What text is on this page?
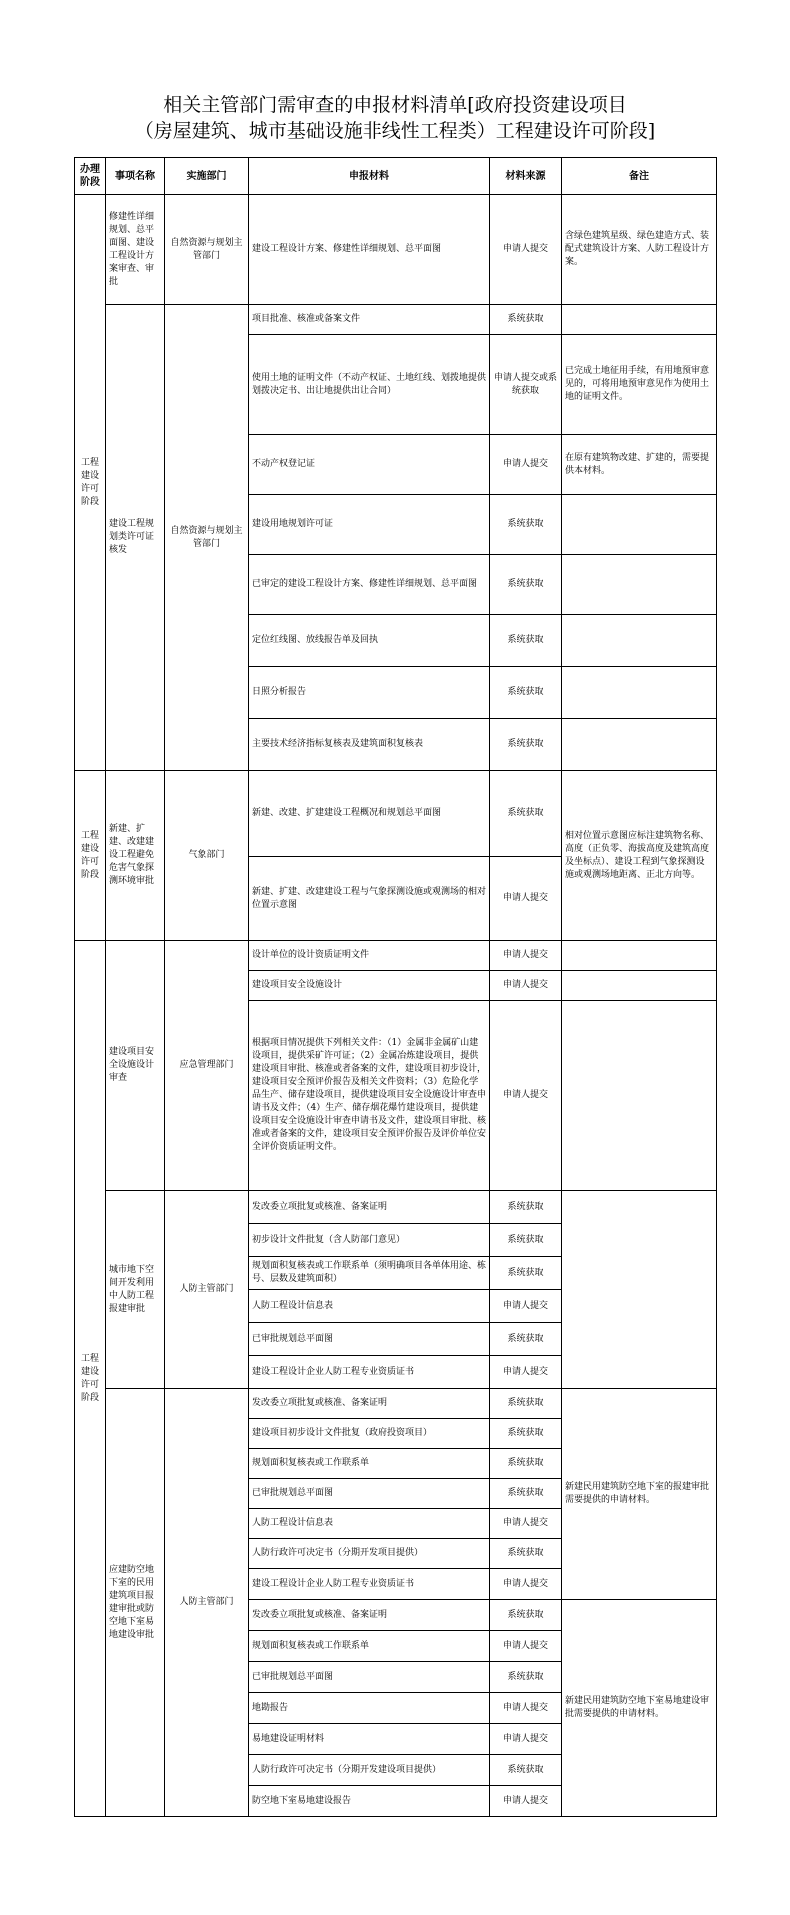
相关主管部门需审查的申报材料清单[政府投资建设项目
（房屋建筑、城市基础设施非线性工程类）工程建设许可阶段]
办理阶段	事项名称	实施部门	申报材料	材料来源	备注
工程建设许可阶段	修建性详细规划、总平面图、建设工程设计方案审查、审批	自然资源与规划主管部门	建设工程设计方案、修建性详细规划、总平面图	申请人提交	含绿色建筑星级、绿色建造方式、装配式建筑设计方案、人防工程设计方案。
	建设工程规划类许可证核发	自然资源与规划主管部门	项目批准、核准或备案文件	系统获取	
			使用土地的证明文件（不动产权证、土地红线、划拨地提供划拨决定书、出让地提供出让合同）	申请人提交或系统获取	已完成土地征用手续，有用地预审意见的，可将用地预审意见作为使用土地的证明文件。
			不动产权登记证	申请人提交	在原有建筑物改建、扩建的，需要提供本材料。
			建设用地规划许可证	系统获取	
			已审定的建设工程设计方案、修建性详细规划、总平面图	系统获取	
			定位红线图、放线报告单及回执	系统获取	
			日照分析报告	系统获取	
			主要技术经济指标复核表及建筑面积复核表	系统获取	
工程建设许可阶段	新建、扩建、改建建设工程避免危害气象探测环境审批	气象部门	新建、改建、扩建建设工程概况和规划总平面图	系统获取	相对位置示意图应标注建筑物名称、高度（正负零、海拔高度及建筑高度及坐标点）、建设工程到气象探测设施或观测场地距离、正北方向等。
			新建、扩建、改建建设工程与气象探测设施或观测场的相对位置示意图	申请人提交	
工程建设许可阶段	建设项目安全设施设计审查	应急管理部门	设计单位的设计资质证明文件	申请人提交	
			建设项目安全设施设计	申请人提交	
			根据项目情况提供下列相关文件：（1）金属非金属矿山建设项目，提供采矿许可证；（2）金属冶炼建设项目，提供建设项目审批、核准或者备案的文件，建设项目初步设计，建设项目安全预评价报告及相关文件资料；（3）危险化学品生产、储存建设项目，提供建设项目安全设施设计审查申请书及文件；（4）生产、储存烟花爆竹建设项目，提供建设项目安全设施设计审查申请书及文件，建设项目审批、核准或者备案的文件，建设项目安全预评价报告及评价单位安全评价资质证明文件。	申请人提交	
	城市地下空间开发利用中人防工程报建审批	人防主管部门	发改委立项批复或核准、备案证明	系统获取	
			初步设计文件批复（含人防部门意见）	系统获取	
			规划面积复核表或工作联系单（须明确项目各单体用途、栋号、层数及建筑面积）	系统获取	
			人防工程设计信息表	申请人提交	
			已审批规划总平面图	系统获取	
			建设工程设计企业人防工程专业资质证书	申请人提交	
	应建防空地下室的民用建筑项目报建审批或防空地下室易地建设审批	人防主管部门	发改委立项批复或核准、备案证明	系统获取	新建民用建筑防空地下室的报建审批需要提供的申请材料。
			建设项目初步设计文件批复（政府投资项目）	系统获取	
			规划面积复核表或工作联系单	系统获取	
			已审批规划总平面图	系统获取	
			人防工程设计信息表	申请人提交	
			人防行政许可决定书（分期开发项目提供）	系统获取	
			建设工程设计企业人防工程专业资质证书	申请人提交	
			发改委立项批复或核准、备案证明	系统获取	新建民用建筑防空地下室易地建设审批需要提供的申请材料。
			规划面积复核表或工作联系单	申请人提交	
			已审批规划总平面图	系统获取	
			地勘报告	申请人提交	
			易地建设证明材料	申请人提交	
			人防行政许可决定书（分期开发建设项目提供）	系统获取	
			防空地下室易地建设报告	申请人提交	
